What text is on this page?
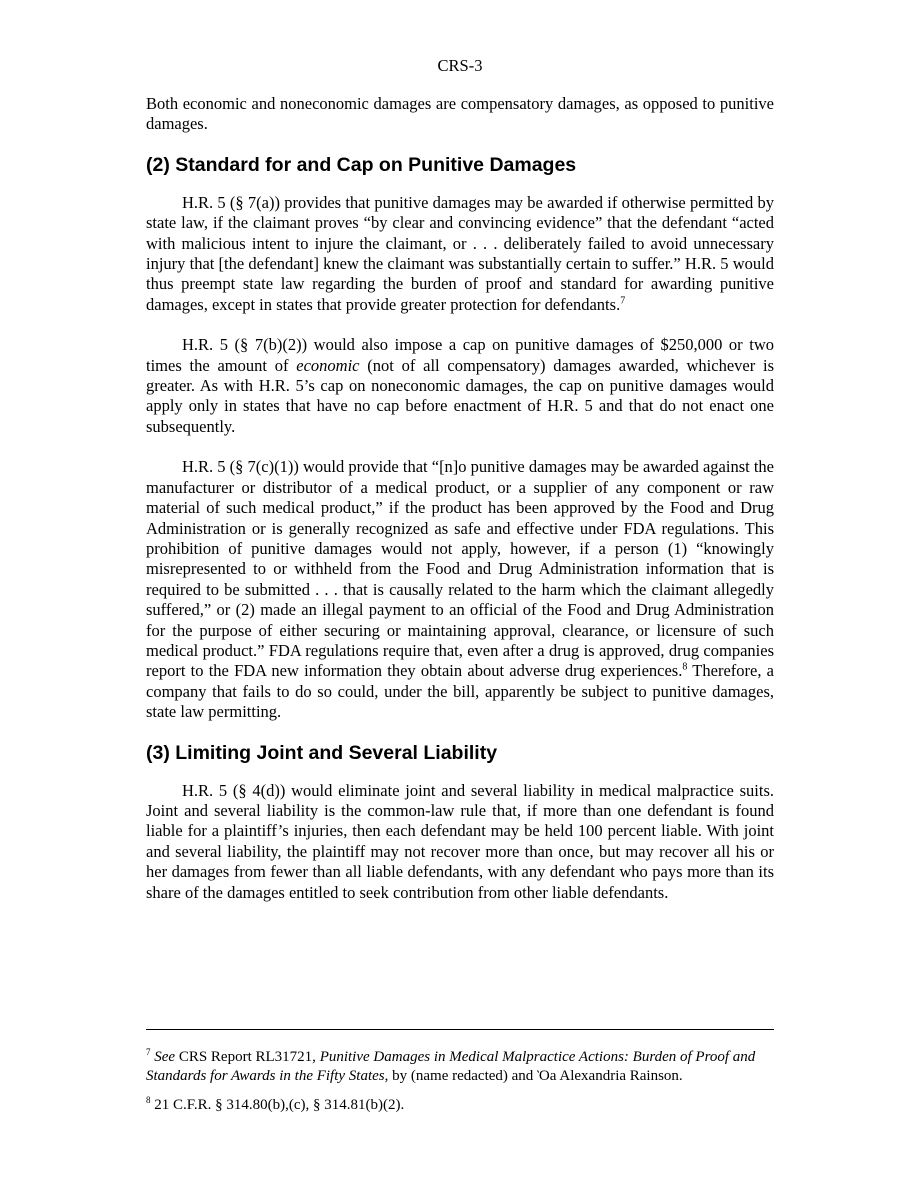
CRS-3

Both economic and noneconomic damages are compensatory damages, as opposed to punitive damages.

(2) Standard for and Cap on Punitive Damages

H.R. 5 (§ 7(a)) provides that punitive damages may be awarded if otherwise permitted by state law, if the claimant proves “by clear and convincing evidence” that the defendant “acted with malicious intent to injure the claimant, or . . . deliberately failed to avoid unnecessary injury that [the defendant] knew the claimant was substantially certain to suffer.” H.R. 5 would thus preempt state law regarding the burden of proof and standard for awarding punitive damages, except in states that provide greater protection for defendants.$^7$

H.R. 5 (§ 7(b)(2)) would also impose a cap on punitive damages of $250,000 or two times the amount of economic (not of all compensatory) damages awarded, whichever is greater. As with H.R. 5’s cap on noneconomic damages, the cap on punitive damages would apply only in states that have no cap before enactment of H.R. 5 and that do not enact one subsequently.

H.R. 5 (§ 7(c)(1)) would provide that “[n]o punitive damages may be awarded against the manufacturer or distributor of a medical product, or a supplier of any component or raw material of such medical product,” if the product has been approved by the Food and Drug Administration or is generally recognized as safe and effective under FDA regulations. This prohibition of punitive damages would not apply, however, if a person (1) “knowingly misrepresented to or withheld from the Food and Drug Administration information that is required to be submitted . . . that is causally related to the harm which the claimant allegedly suffered,” or (2) made an illegal payment to an official of the Food and Drug Administration for the purpose of either securing or maintaining approval, clearance, or licensure of such medical product.” FDA regulations require that, even after a drug is approved, drug companies report to the FDA new information they obtain about adverse drug experiences.$^8$ Therefore, a company that fails to do so could, under the bill, apparently be subject to punitive damages, state law permitting.

(3) Limiting Joint and Several Liability

H.R. 5 (§ 4(d)) would eliminate joint and several liability in medical malpractice suits. Joint and several liability is the common-law rule that, if more than one defendant is found liable for a plaintiff’s injuries, then each defendant may be held 100 percent liable. With joint and several liability, the plaintiff may not recover more than once, but may recover all his or her damages from fewer than all liable defendants, with any defendant who pays more than its share of the damages entitled to seek contribution from other liable defendants.

$^7$ See CRS Report RL31721, Punitive Damages in Medical Malpractice Actions: Burden of Proof and Standards for Awards in the Fifty States, by (name redacted) and Ὸa Alexandria Rainson.

$^8$ 21 C.F.R. § 314.80(b),(c), § 314.81(b)(2).
